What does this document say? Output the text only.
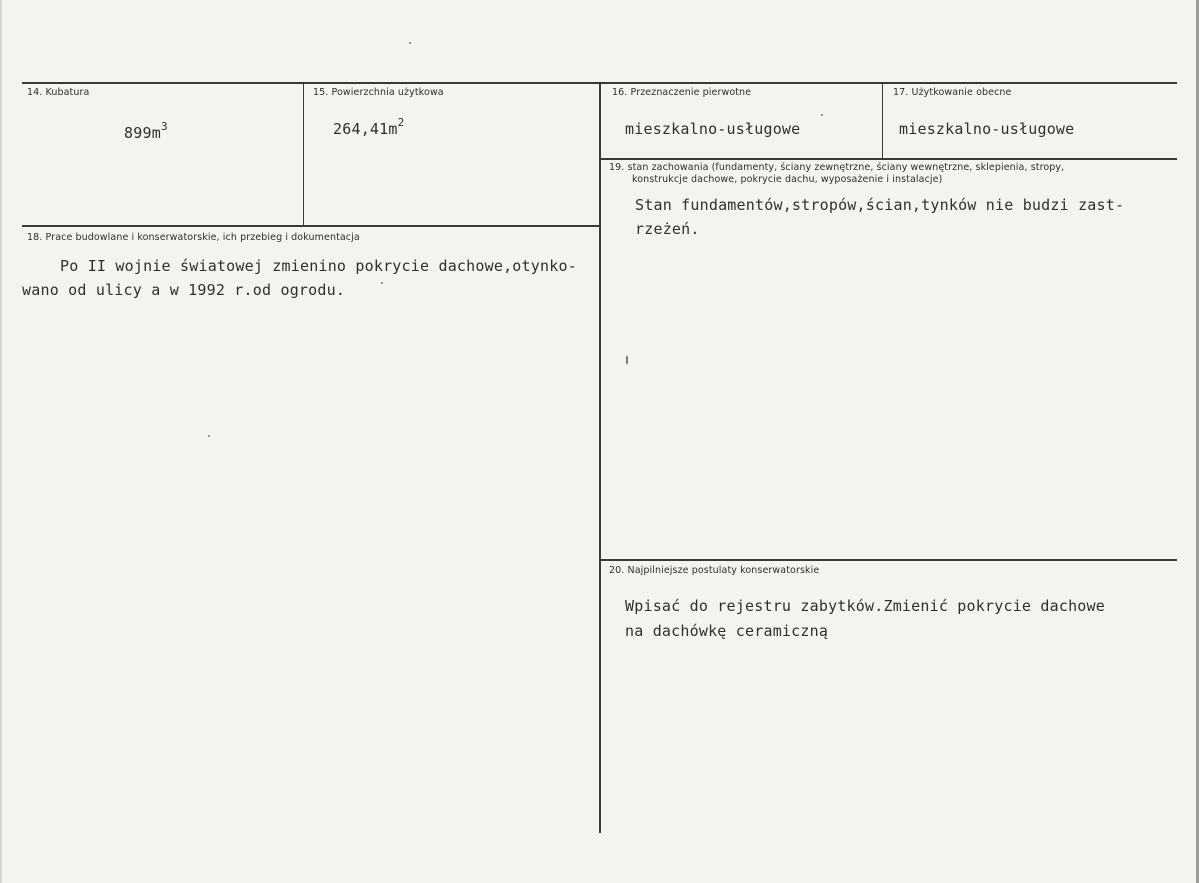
14. Kubatura
$899m^3$
15. Powierzchnia użytkowa
$264,41m^2$
16. Przeznaczenie pierwotne
mieszkalno-usługowe
17. Użytkowanie obecne
mieszkalno-usługowe
19. stan zachowania (fundamenty, ściany zewnętrzne, ściany wewnętrzne, sklepienia, stropy,
konstrukcje dachowe, pokrycie dachu, wyposażenie i instalacje)
Stan fundamentów,stropów,ścian,tynków nie budzi zast-
rzeżeń.
18. Prace budowlane i konserwatorskie, ich przebieg i dokumentacja
Po II wojnie światowej zmienino pokrycie dachowe,otynko-
wano od ulicy a w 1992 r.od ogrodu.
20. Najpilniejsze postulaty konserwatorskie
Wpisać do rejestru zabytków.Zmienić pokrycie dachowe
na dachówkę ceramiczną
